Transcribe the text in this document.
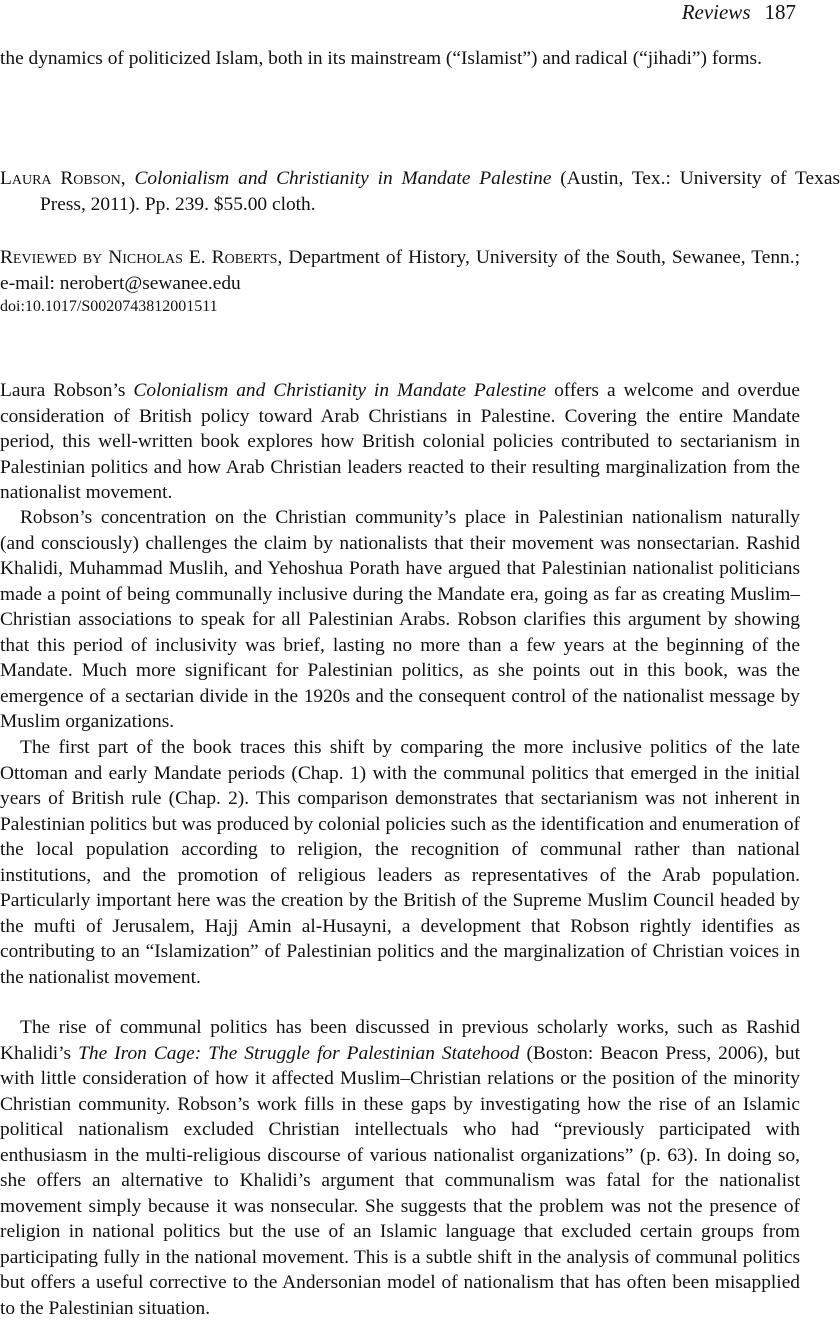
Reviews 187

the dynamics of politicized Islam, both in its mainstream (“Islamist”) and radical (“jihadi”) forms.

Laura Robson, Colonialism and Christianity in Mandate Palestine (Austin, Tex.: University of Texas Press, 2011). Pp. 239. $55.00 cloth.

Reviewed by Nicholas E. Roberts, Department of History, University of the South, Sewanee, Tenn.; e-mail: nerobert@sewanee.edu

doi:10.1017/S0020743812001511

Laura Robson’s Colonialism and Christianity in Mandate Palestine offers a welcome and overdue consideration of British policy toward Arab Christians in Palestine. Covering the entire Mandate period, this well-written book explores how British colonial policies contributed to sectarianism in Palestinian politics and how Arab Christian leaders reacted to their resulting marginalization from the nationalist movement.

Robson’s concentration on the Christian community’s place in Palestinian nationalism naturally (and consciously) challenges the claim by nationalists that their movement was nonsectarian. Rashid Khalidi, Muhammad Muslih, and Yehoshua Porath have argued that Palestinian nationalist politicians made a point of being communally inclusive during the Mandate era, going as far as creating Muslim–Christian associations to speak for all Palestinian Arabs. Robson clarifies this argument by showing that this period of inclusivity was brief, lasting no more than a few years at the beginning of the Mandate. Much more significant for Palestinian politics, as she points out in this book, was the emergence of a sectarian divide in the 1920s and the consequent control of the nationalist message by Muslim organizations.

The first part of the book traces this shift by comparing the more inclusive politics of the late Ottoman and early Mandate periods (Chap. 1) with the communal politics that emerged in the initial years of British rule (Chap. 2). This comparison demonstrates that sectarianism was not inherent in Palestinian politics but was produced by colonial policies such as the identification and enumeration of the local population according to religion, the recognition of communal rather than national institutions, and the promotion of religious leaders as representatives of the Arab population. Particularly important here was the creation by the British of the Supreme Muslim Council headed by the mufti of Jerusalem, Hajj Amin al-Husayni, a development that Robson rightly identifies as contributing to an “Islamization” of Palestinian politics and the marginalization of Christian voices in the nationalist movement.

The rise of communal politics has been discussed in previous scholarly works, such as Rashid Khalidi’s The Iron Cage: The Struggle for Palestinian Statehood (Boston: Beacon Press, 2006), but with little consideration of how it affected Muslim–Christian relations or the position of the minority Christian community. Robson’s work fills in these gaps by investigating how the rise of an Islamic political nationalism excluded Christian intellectuals who had “previously participated with enthusiasm in the multi-religious discourse of various nationalist organizations” (p. 63). In doing so, she offers an alternative to Khalidi’s argument that communalism was fatal for the nationalist movement simply because it was nonsecular. She suggests that the problem was not the presence of religion in national politics but the use of an Islamic language that excluded certain groups from participating fully in the national movement. This is a subtle shift in the analysis of communal politics but offers a useful corrective to the Andersonian model of nationalism that has often been misapplied to the Palestinian situation.
